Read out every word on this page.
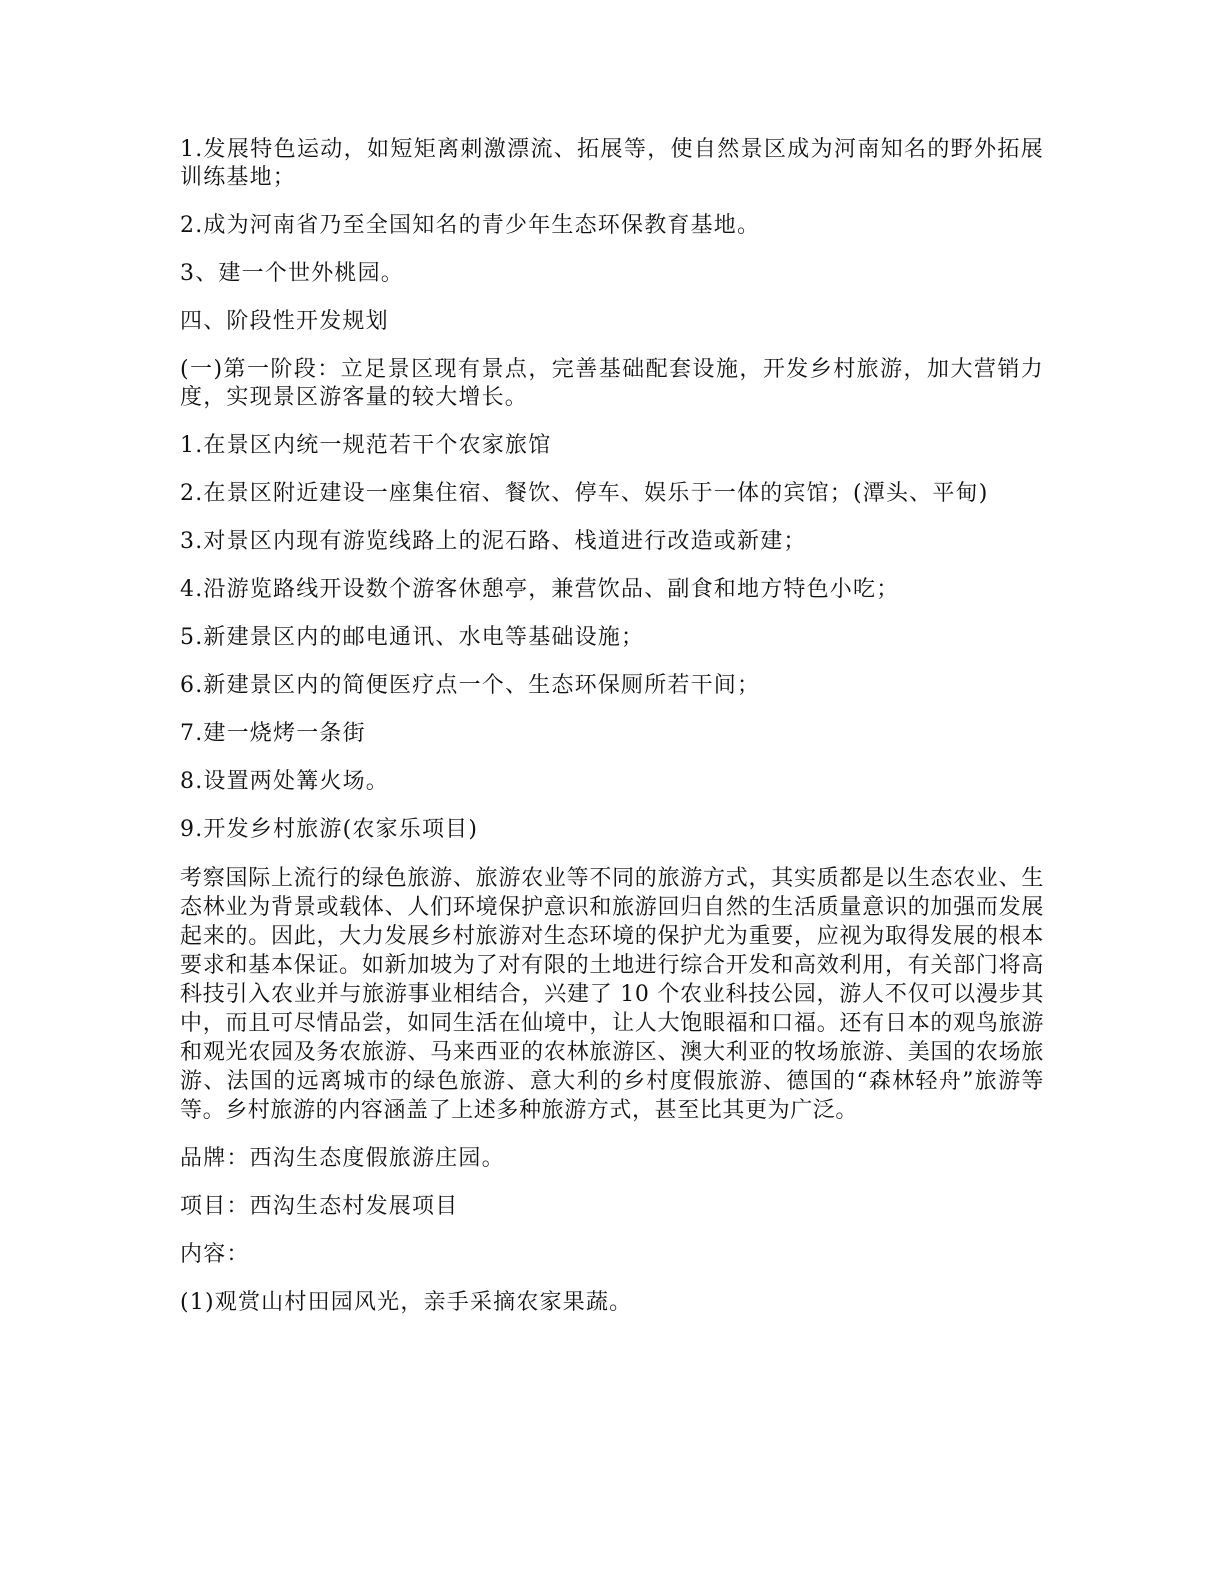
1.发展特色运动，如短矩离刺激漂流、拓展等，使自然景区成为河南知名的野外拓展训练基地；

2.成为河南省乃至全国知名的青少年生态环保教育基地。

3、建一个世外桃园。

四、阶段性开发规划

(一)第一阶段：立足景区现有景点，完善基础配套设施，开发乡村旅游，加大营销力度，实现景区游客量的较大增长。

1.在景区内统一规范若干个农家旅馆

2.在景区附近建设一座集住宿、餐饮、停车、娱乐于一体的宾馆；(潭头、平甸)

3.对景区内现有游览线路上的泥石路、栈道进行改造或新建；

4.沿游览路线开设数个游客休憩亭，兼营饮品、副食和地方特色小吃；

5.新建景区内的邮电通讯、水电等基础设施；

6.新建景区内的简便医疗点一个、生态环保厕所若干间；

7.建一烧烤一条街

8.设置两处篝火场。

9.开发乡村旅游(农家乐项目)

考察国际上流行的绿色旅游、旅游农业等不同的旅游方式，其实质都是以生态农业、生态林业为背景或载体、人们环境保护意识和旅游回归自然的生活质量意识的加强而发展起来的。因此，大力发展乡村旅游对生态环境的保护尤为重要，应视为取得发展的根本要求和基本保证。如新加坡为了对有限的土地进行综合开发和高效利用，有关部门将高科技引入农业并与旅游事业相结合，兴建了 10 个农业科技公园，游人不仅可以漫步其中，而且可尽情品尝，如同生活在仙境中，让人大饱眼福和口福。还有日本的观鸟旅游和观光农园及务农旅游、马来西亚的农林旅游区、澳大利亚的牧场旅游、美国的农场旅游、法国的远离城市的绿色旅游、意大利的乡村度假旅游、德国的“森林轻舟”旅游等等。乡村旅游的内容涵盖了上述多种旅游方式，甚至比其更为广泛。

品牌：西沟生态度假旅游庄园。

项目：西沟生态村发展项目

内容：

(1)观赏山村田园风光，亲手采摘农家果蔬。
